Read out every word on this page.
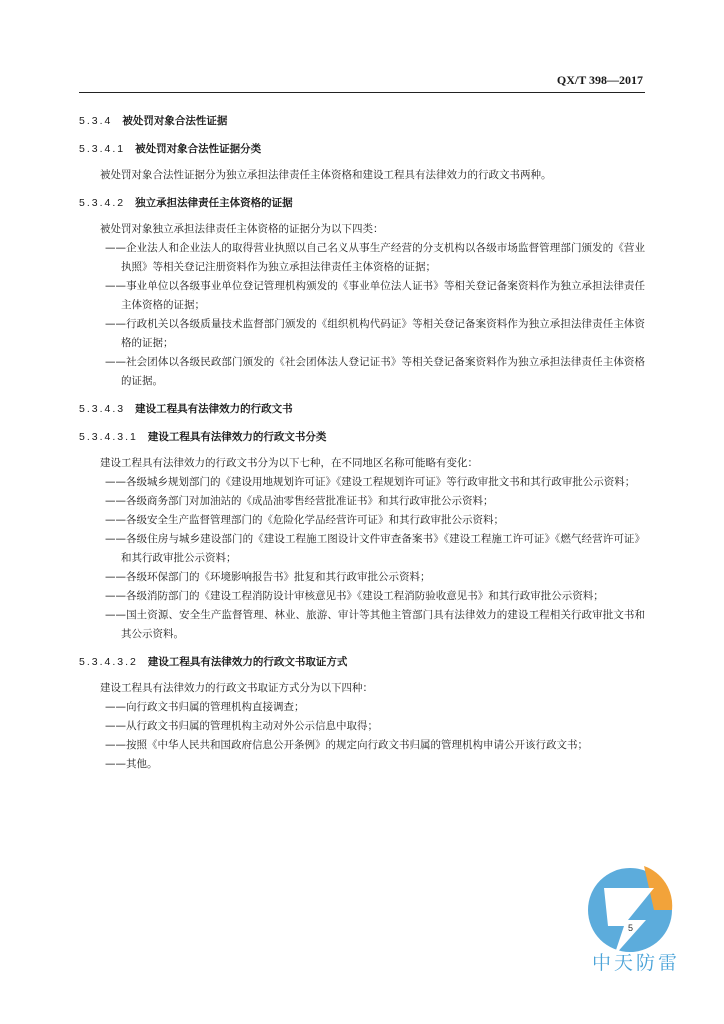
QX/T 398—2017

5.3.4 被处罚对象合法性证据

5.3.4.1 被处罚对象合法性证据分类

被处罚对象合法性证据分为独立承担法律责任主体资格和建设工程具有法律效力的行政文书两种。

5.3.4.2 独立承担法律责任主体资格的证据

被处罚对象独立承担法律责任主体资格的证据分为以下四类：

——企业法人和企业法人的取得营业执照以自己名义从事生产经营的分支机构以各级市场监督管理部门颁发的《营业执照》等相关登记注册资料作为独立承担法律责任主体资格的证据；

——事业单位以各级事业单位登记管理机构颁发的《事业单位法人证书》等相关登记备案资料作为独立承担法律责任主体资格的证据；

——行政机关以各级质量技术监督部门颁发的《组织机构代码证》等相关登记备案资料作为独立承担法律责任主体资格的证据；

——社会团体以各级民政部门颁发的《社会团体法人登记证书》等相关登记备案资料作为独立承担法律责任主体资格的证据。

5.3.4.3 建设工程具有法律效力的行政文书

5.3.4.3.1 建设工程具有法律效力的行政文书分类

建设工程具有法律效力的行政文书分为以下七种，在不同地区名称可能略有变化：

——各级城乡规划部门的《建设用地规划许可证》《建设工程规划许可证》等行政审批文书和其行政审批公示资料；

——各级商务部门对加油站的《成品油零售经营批准证书》和其行政审批公示资料；

——各级安全生产监督管理部门的《危险化学品经营许可证》和其行政审批公示资料；

——各级住房与城乡建设部门的《建设工程施工图设计文件审查备案书》《建设工程施工许可证》《燃气经营许可证》和其行政审批公示资料；

——各级环保部门的《环境影响报告书》批复和其行政审批公示资料；

——各级消防部门的《建设工程消防设计审核意见书》《建设工程消防验收意见书》和其行政审批公示资料；

——国土资源、安全生产监督管理、林业、旅游、审计等其他主管部门具有法律效力的建设工程相关行政审批文书和其公示资料。

5.3.4.3.2 建设工程具有法律效力的行政文书取证方式

建设工程具有法律效力的行政文书取证方式分为以下四种：

——向行政文书归属的管理机构直接调查；

——从行政文书归属的管理机构主动对外公示信息中取得；

——按照《中华人民共和国政府信息公开条例》的规定向行政文书归属的管理机构申请公开该行政文书；

——其他。

5
中天防雷
